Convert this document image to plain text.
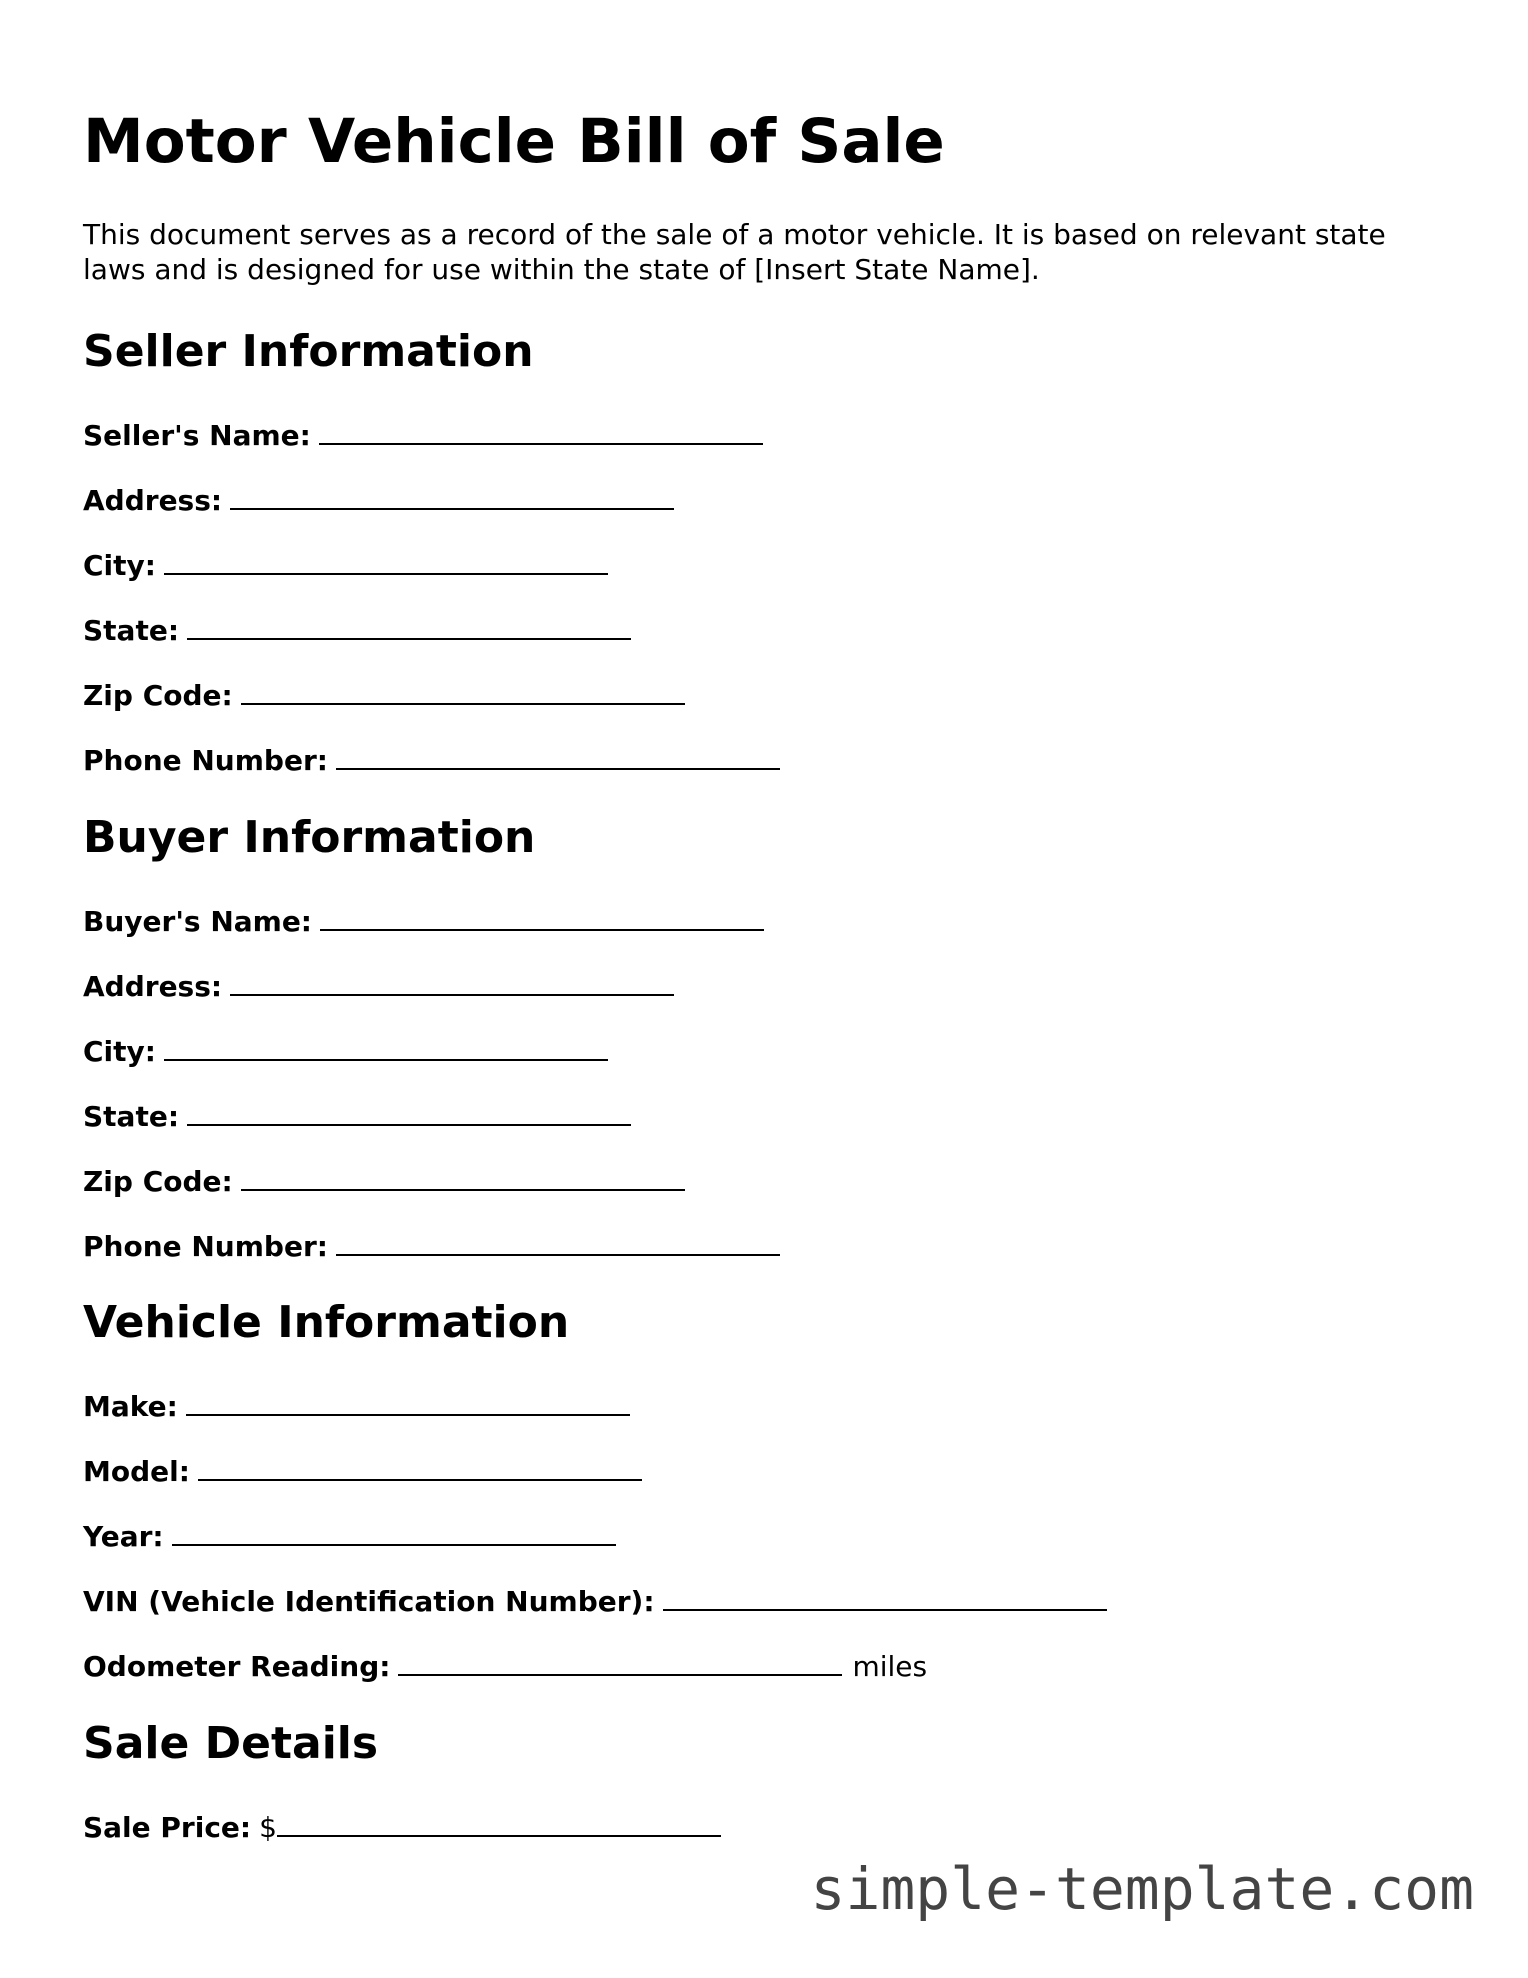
Motor Vehicle Bill of Sale

This document serves as a record of the sale of a motor vehicle. It is based on relevant state laws and is designed for use within the state of [Insert State Name].

Seller Information
Seller's Name:
Address:
City:
State:
Zip Code:
Phone Number:
Buyer Information
Buyer's Name:
Address:
City:
State:
Zip Code:
Phone Number:
Vehicle Information
Make:
Model:
Year:
VIN (Vehicle Identification Number):
Odometer Reading:	miles
Sale Details
Sale Price: $
simple-template.com
